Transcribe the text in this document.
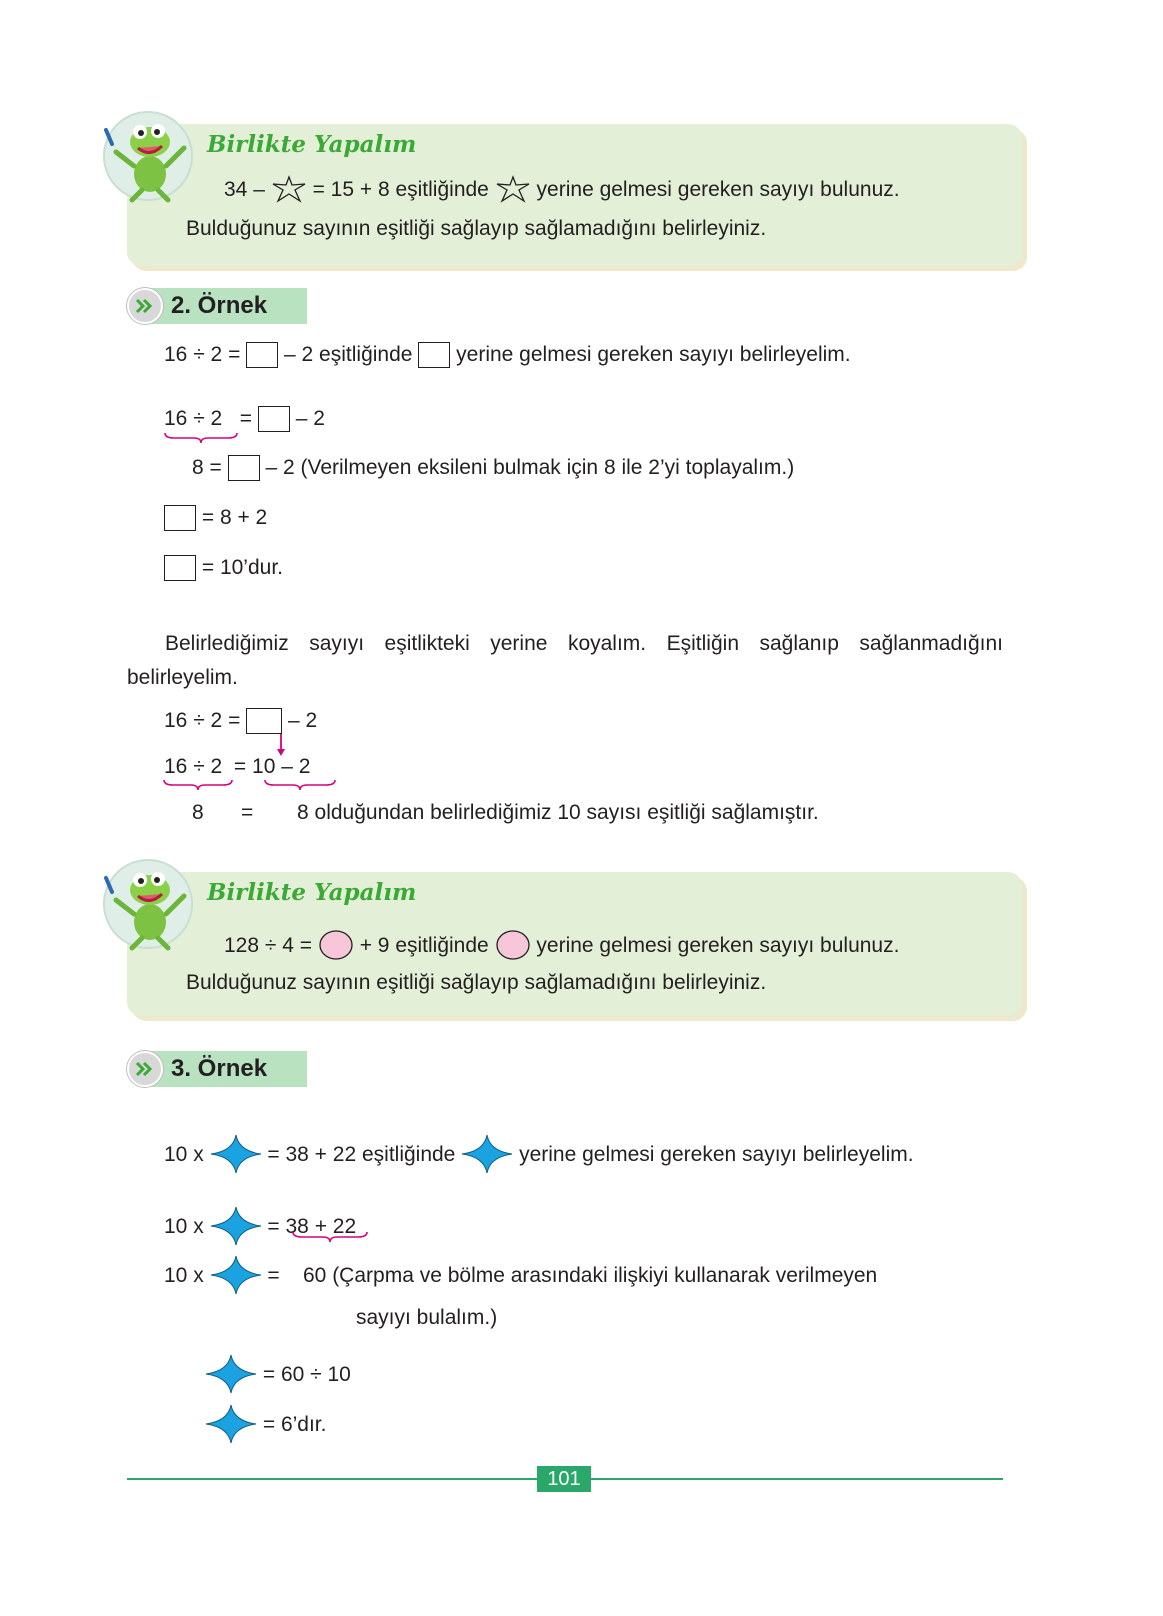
Birlikte Yapalım
34 – = 15 + 8 eşitliğinde yerine gelmesi gereken sayıyı bulunuz.
Bulduğunuz sayının eşitliği sağlayıp sağlamadığını belirleyiniz.
2. Örnek
16 ÷ 2 = – 2 eşitliğinde yerine gelmesi gereken sayıyı belirleyelim.
16 ÷ 2 = – 2
8 = – 2 (Verilmeyen eksileni bulmak için 8 ile 2’yi toplayalım.)
= 8 + 2
= 10’dur.
Belirlediğimiz sayıyı eşitlikteki yerine koyalım. Eşitliğin sağlanıp sağlanmadığını belirleyelim.
16 ÷ 2 = – 2
16 ÷ 2 = 10 – 2
8 = 8 olduğundan belirlediğimiz 10 sayısı eşitliği sağlamıştır.
Birlikte Yapalım
128 ÷ 4 = + 9 eşitliğinde yerine gelmesi gereken sayıyı bulunuz.
Bulduğunuz sayının eşitliği sağlayıp sağlamadığını belirleyiniz.
3. Örnek
10 x	= 38 + 22 eşitliğinde	yerine gelmesi gereken sayıyı belirleyelim.
10 x	= 38 + 22
10 x	= 60 (Çarpma ve bölme arasındaki ilişkiyi kullanarak verilmeyen
sayıyı bulalım.)
= 60 ÷ 10
= 6’dır.
101
